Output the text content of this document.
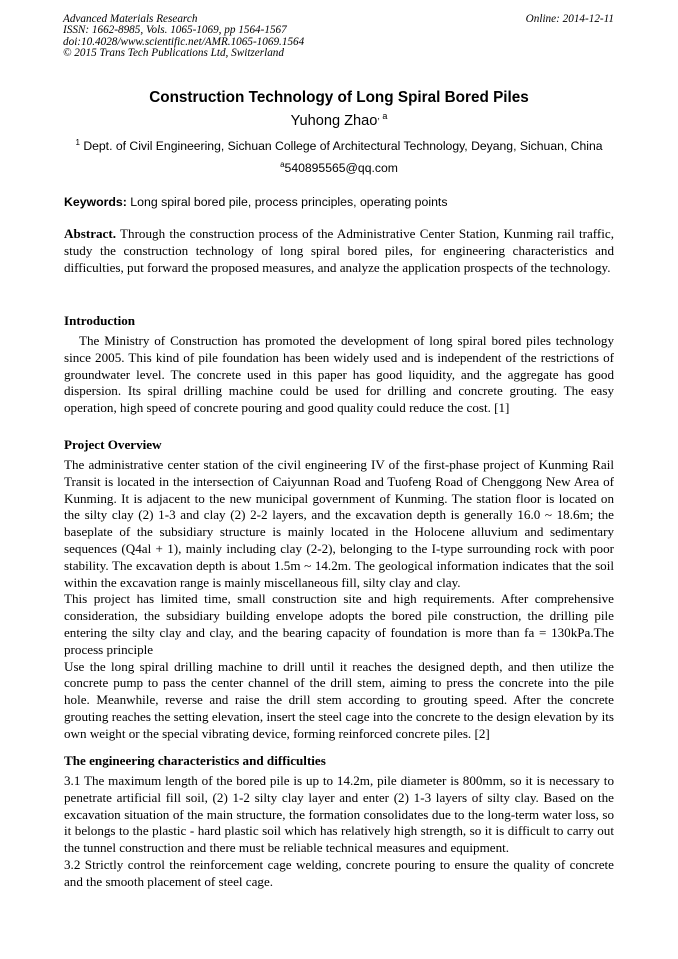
Advanced Materials Research
ISSN: 1662-8985, Vols. 1065-1069, pp 1564-1567
doi:10.4028/www.scientific.net/AMR.1065-1069.1564
© 2015 Trans Tech Publications Ltd, Switzerland
Online: 2014-12-11
Construction Technology of Long Spiral Bored Piles
Yuhong Zhao$^{, a}$
$^1$ Dept. of Civil Engineering, Sichuan College of Architectural Technology, Deyang, Sichuan, China
$^a$540895565@qq.com
Keywords: Long spiral bored pile, process principles, operating points

Abstract. Through the construction process of the Administrative Center Station, Kunming rail traffic, study the construction technology of long spiral bored piles, for engineering characteristics and difficulties, put forward the proposed measures, and analyze the application prospects of the technology.

Introduction

The Ministry of Construction has promoted the development of long spiral bored piles technology since 2005. This kind of pile foundation has been widely used and is independent of the restrictions of groundwater level. The concrete used in this paper has good liquidity, and the aggregate has good dispersion. Its spiral drilling machine could be used for drilling and concrete grouting. The easy operation, high speed of concrete pouring and good quality could reduce the cost. [1]

Project Overview

The administrative center station of the civil engineering IV of the first-phase project of Kunming Rail Transit is located in the intersection of Caiyunnan Road and Tuofeng Road of Chenggong New Area of Kunming. It is adjacent to the new municipal government of Kunming. The station floor is located on the silty clay (2) 1-3 and clay (2) 2-2 layers, and the excavation depth is generally 16.0 ~ 18.6m; the baseplate of the subsidiary structure is mainly located in the Holocene alluvium and sedimentary sequences (Q4al + 1), mainly including clay (2-2), belonging to the I-type surrounding rock with poor stability. The excavation depth is about 1.5m ~ 14.2m. The geological information indicates that the soil within the excavation range is mainly miscellaneous fill, silty clay and clay.

This project has limited time, small construction site and high requirements. After comprehensive consideration, the subsidiary building envelope adopts the bored pile construction, the drilling pile entering the silty clay and clay, and the bearing capacity of foundation is more than fa = 130kPa.The process principle

Use the long spiral drilling machine to drill until it reaches the designed depth, and then utilize the concrete pump to pass the center channel of the drill stem, aiming to press the concrete into the pile hole. Meanwhile, reverse and raise the drill stem according to grouting speed. After the concrete grouting reaches the setting elevation, insert the steel cage into the concrete to the design elevation by its own weight or the special vibrating device, forming reinforced concrete piles. [2]

The engineering characteristics and difficulties

3.1 The maximum length of the bored pile is up to 14.2m, pile diameter is 800mm, so it is necessary to penetrate artificial fill soil, (2) 1-2 silty clay layer and enter (2) 1-3 layers of silty clay. Based on the excavation situation of the main structure, the formation consolidates due to the long-term water loss, so it belongs to the plastic - hard plastic soil which has relatively high strength, so it is difficult to carry out the tunnel construction and there must be reliable technical measures and equipment.

3.2 Strictly control the reinforcement cage welding, concrete pouring to ensure the quality of concrete and the smooth placement of steel cage.
